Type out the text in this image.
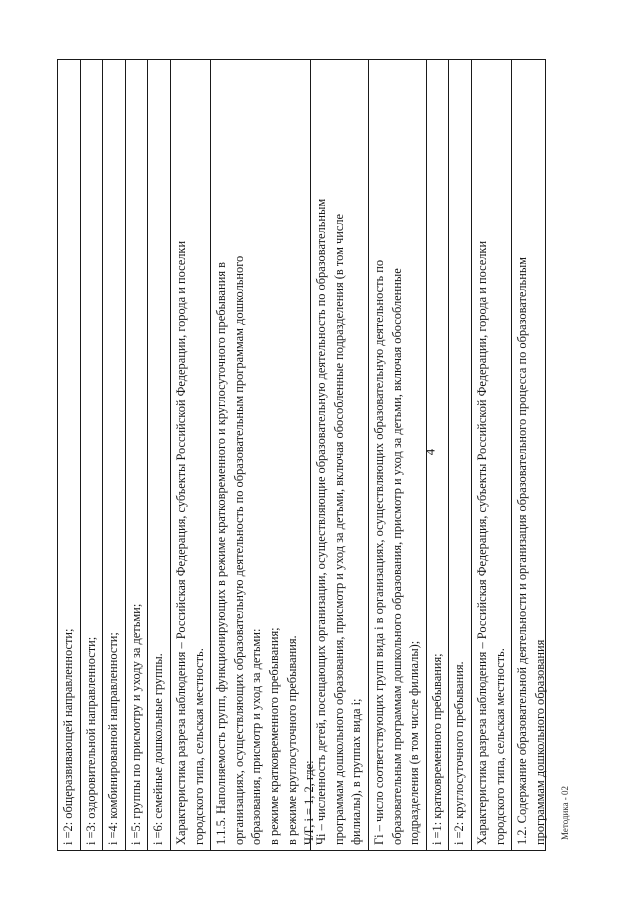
4
i =2: общеразвивающей направленности; i =3: оздоровительной направленности; i =4: комбинированной направленности; i =5: группы по присмотру и уходу за детьми; i =6: семейные дошкольные группы. Характеристика разреза наблюдения – Российская Федерация, субъекты Российской Федерации, города и поселки городского типа, сельская местность. 1.1.5. Наполняемость групп, функционирующих в режиме кратковременного и круглосуточного пребывания в организациях, осуществляющих образовательную деятельность по образовательным программам дошкольного образования, присмотр и уход за детьми: в режиме кратковременного пребывания; в режиме круглосуточного пребывания. Ч/Г, i = 1, 2, где:
Чi – численность детей, посещающих организации, осуществляющие образовательную деятельность по образовательным программам дошкольного образования, присмотр и уход за детьми, включая обособленные подразделения (в том числе филиалы), в группах вида i; Гi – число соответствующих групп вида i в организациях, осуществляющих образовательную деятельность по образовательным программам дошкольного образования, присмотр и уход за детьми, включая обособленные подразделения (в том числе филиалы); i =1: кратковременного пребывания; i =2: круглосуточного пребывания. Характеристика разреза наблюдения – Российская Федерация, субъекты Российской Федерации, города и поселки городского типа, сельская местность. 1.2. Содержание образовательной деятельности и организация образовательного процесса по образовательным программам дошкольного образования Методика - 02
